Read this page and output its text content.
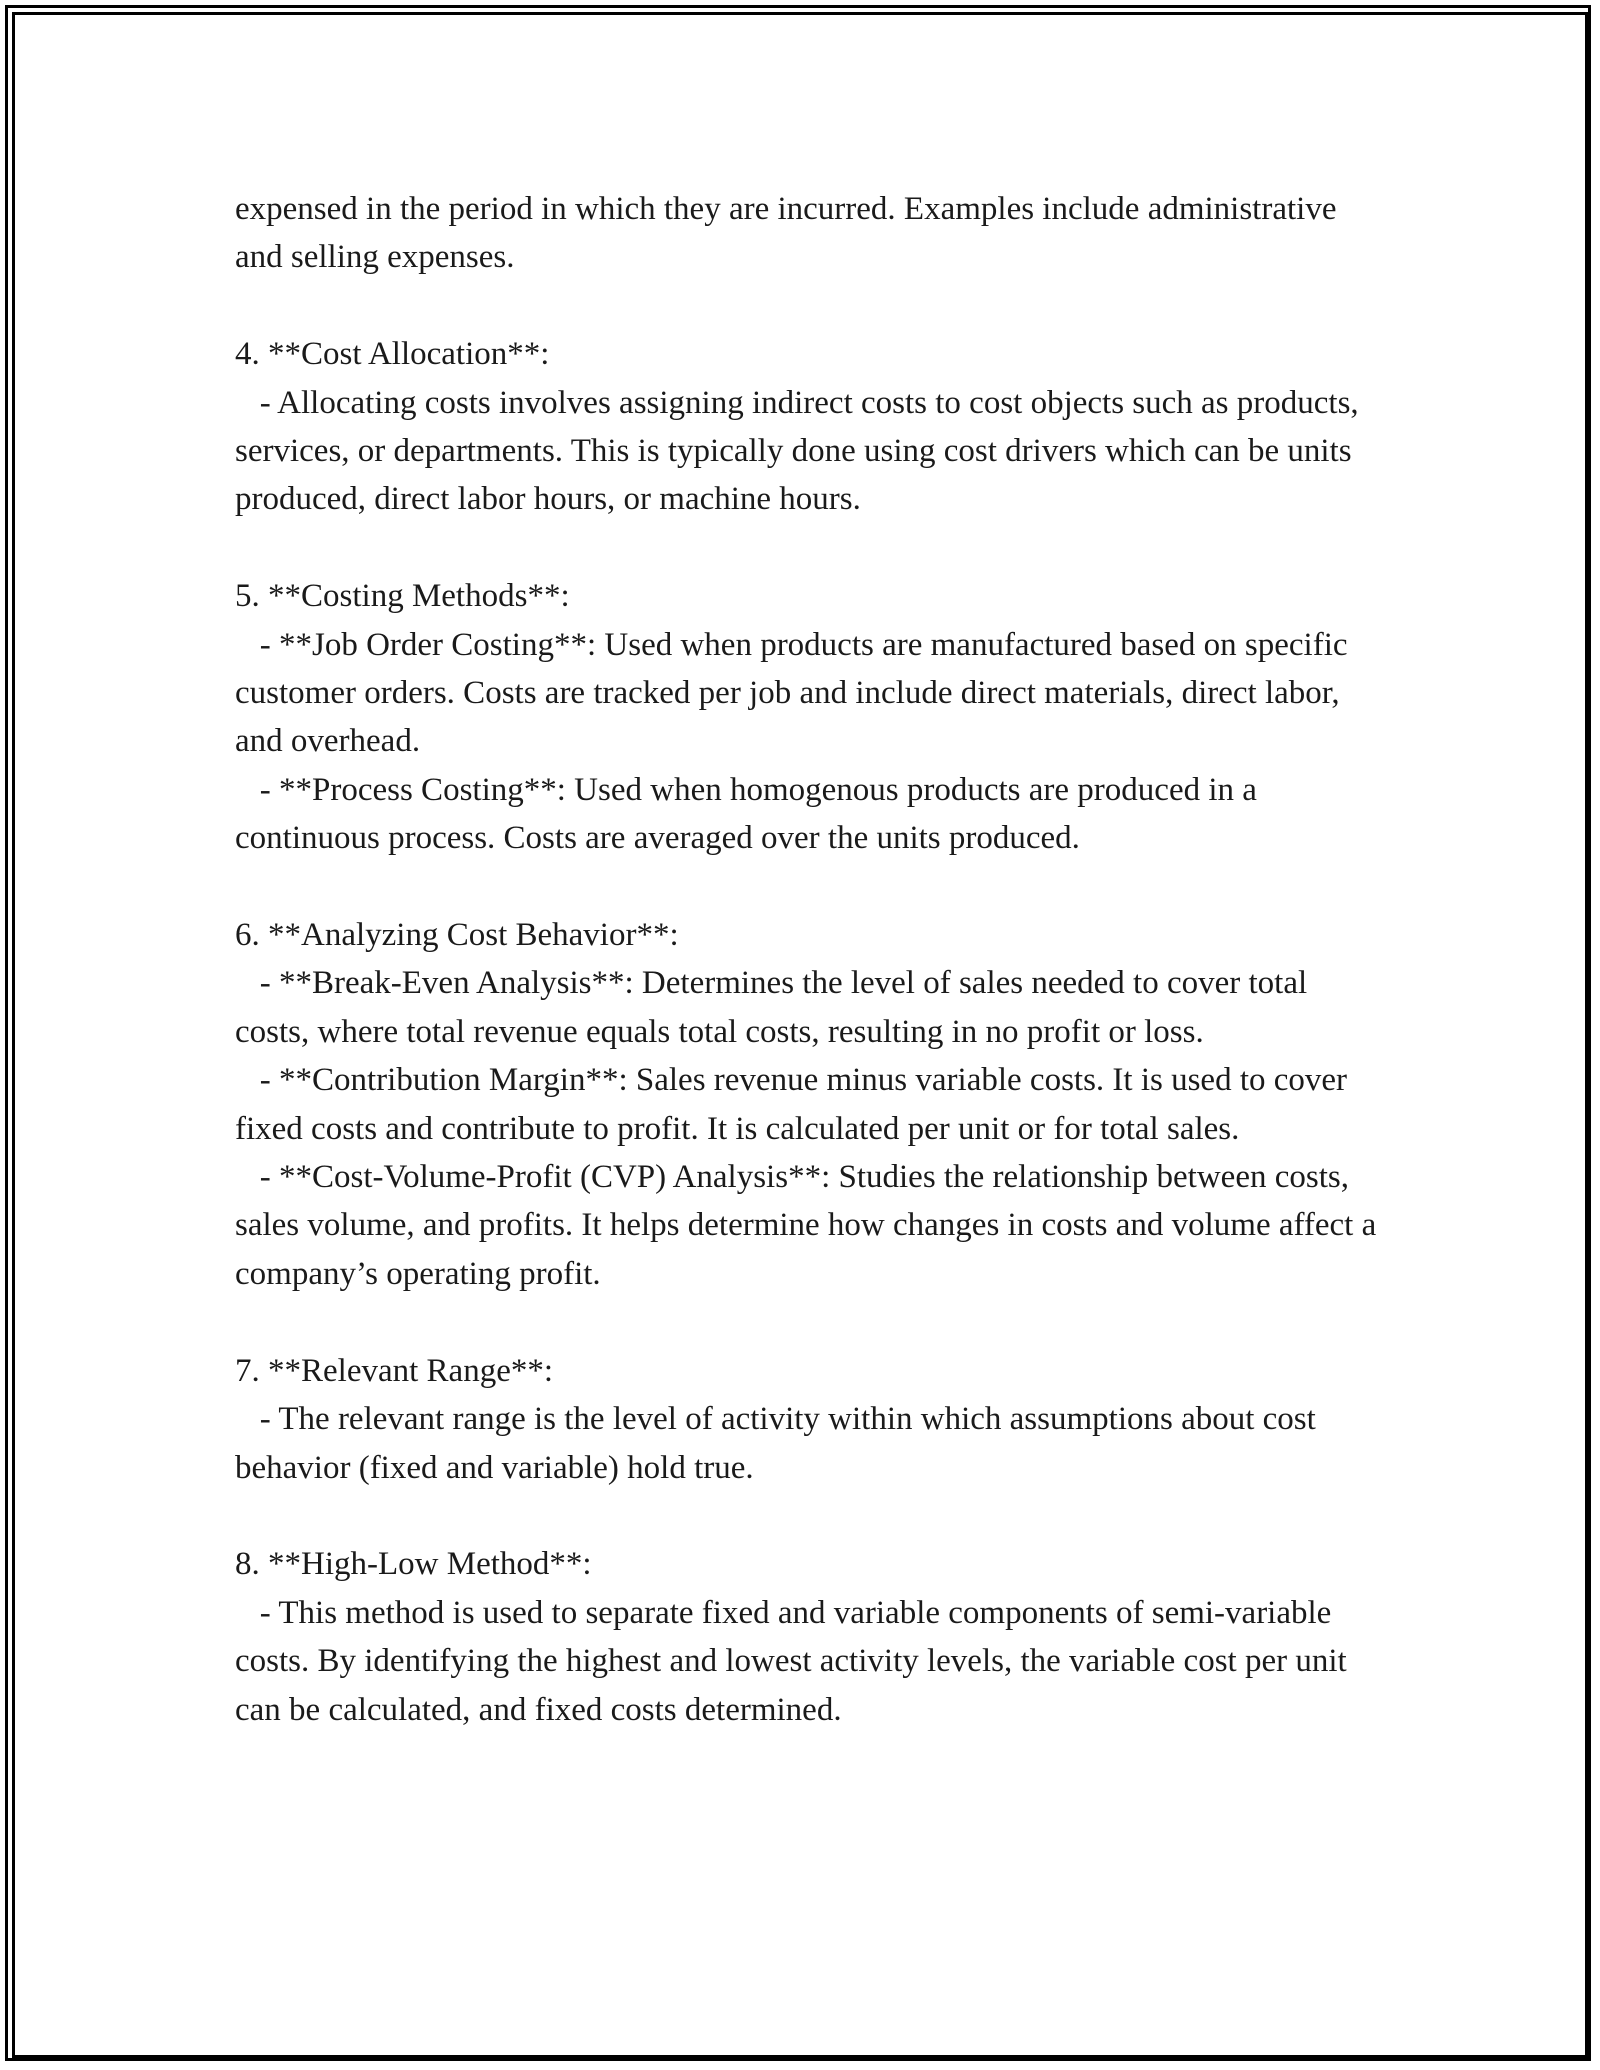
expensed in the period in which they are incurred. Examples include administrative and selling expenses.

4. **Cost Allocation**:

- Allocating costs involves assigning indirect costs to cost objects such as products, services, or departments. This is typically done using cost drivers which can be units produced, direct labor hours, or machine hours.

5. **Costing Methods**:

- **Job Order Costing**: Used when products are manufactured based on specific customer orders. Costs are tracked per job and include direct materials, direct labor, and overhead.

- **Process Costing**: Used when homogenous products are produced in a continuous process. Costs are averaged over the units produced.

6. **Analyzing Cost Behavior**:

- **Break-Even Analysis**: Determines the level of sales needed to cover total costs, where total revenue equals total costs, resulting in no profit or loss.

- **Contribution Margin**: Sales revenue minus variable costs. It is used to cover fixed costs and contribute to profit. It is calculated per unit or for total sales.

- **Cost-Volume-Profit (CVP) Analysis**: Studies the relationship between costs, sales volume, and profits. It helps determine how changes in costs and volume affect a company’s operating profit.

7. **Relevant Range**:

- The relevant range is the level of activity within which assumptions about cost behavior (fixed and variable) hold true.

8. **High-Low Method**:

- This method is used to separate fixed and variable components of semi-variable costs. By identifying the highest and lowest activity levels, the variable cost per unit can be calculated, and fixed costs determined.
